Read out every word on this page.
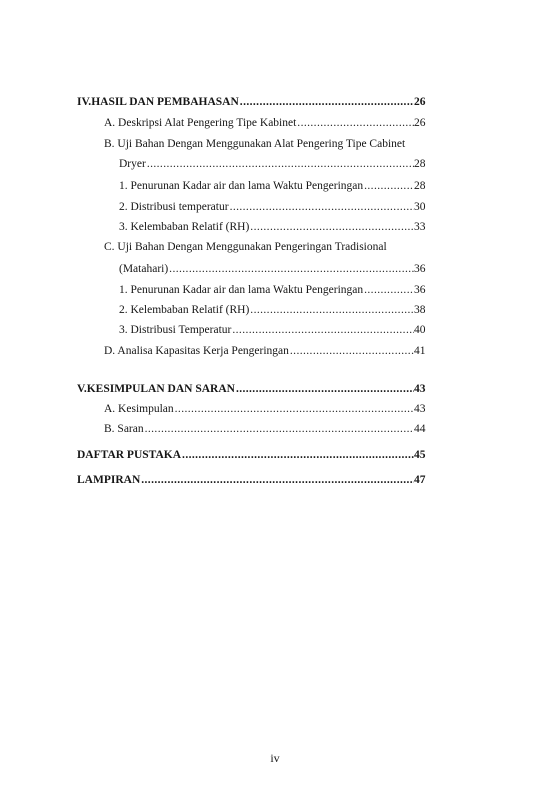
IV. HASIL DAN PEMBAHASAN .....	26
A. Deskripsi Alat Pengering Tipe Kabinet .....	26
B. Uji Bahan Dengan Menggunakan Alat Pengering Tipe Cabinet
Dryer .....	28
1. Penurunan Kadar air dan lama Waktu Pengeringan .....	28
2. Distribusi temperatur .....	30
3. Kelembaban Relatif (RH) .....	33
C. Uji Bahan Dengan Menggunakan Pengeringan Tradisional
(Matahari) .....	36
1. Penurunan Kadar air dan lama Waktu Pengeringan .....	36
2. Kelembaban Relatif (RH) .....	38
3. Distribusi Temperatur .....	40
D. Analisa Kapasitas Kerja Pengeringan .....	41
V. KESIMPULAN DAN SARAN .....	43
A. Kesimpulan .....	43
B. Saran .....	44
DAFTAR PUSTAKA .....	45
LAMPIRAN .....	47
iv
